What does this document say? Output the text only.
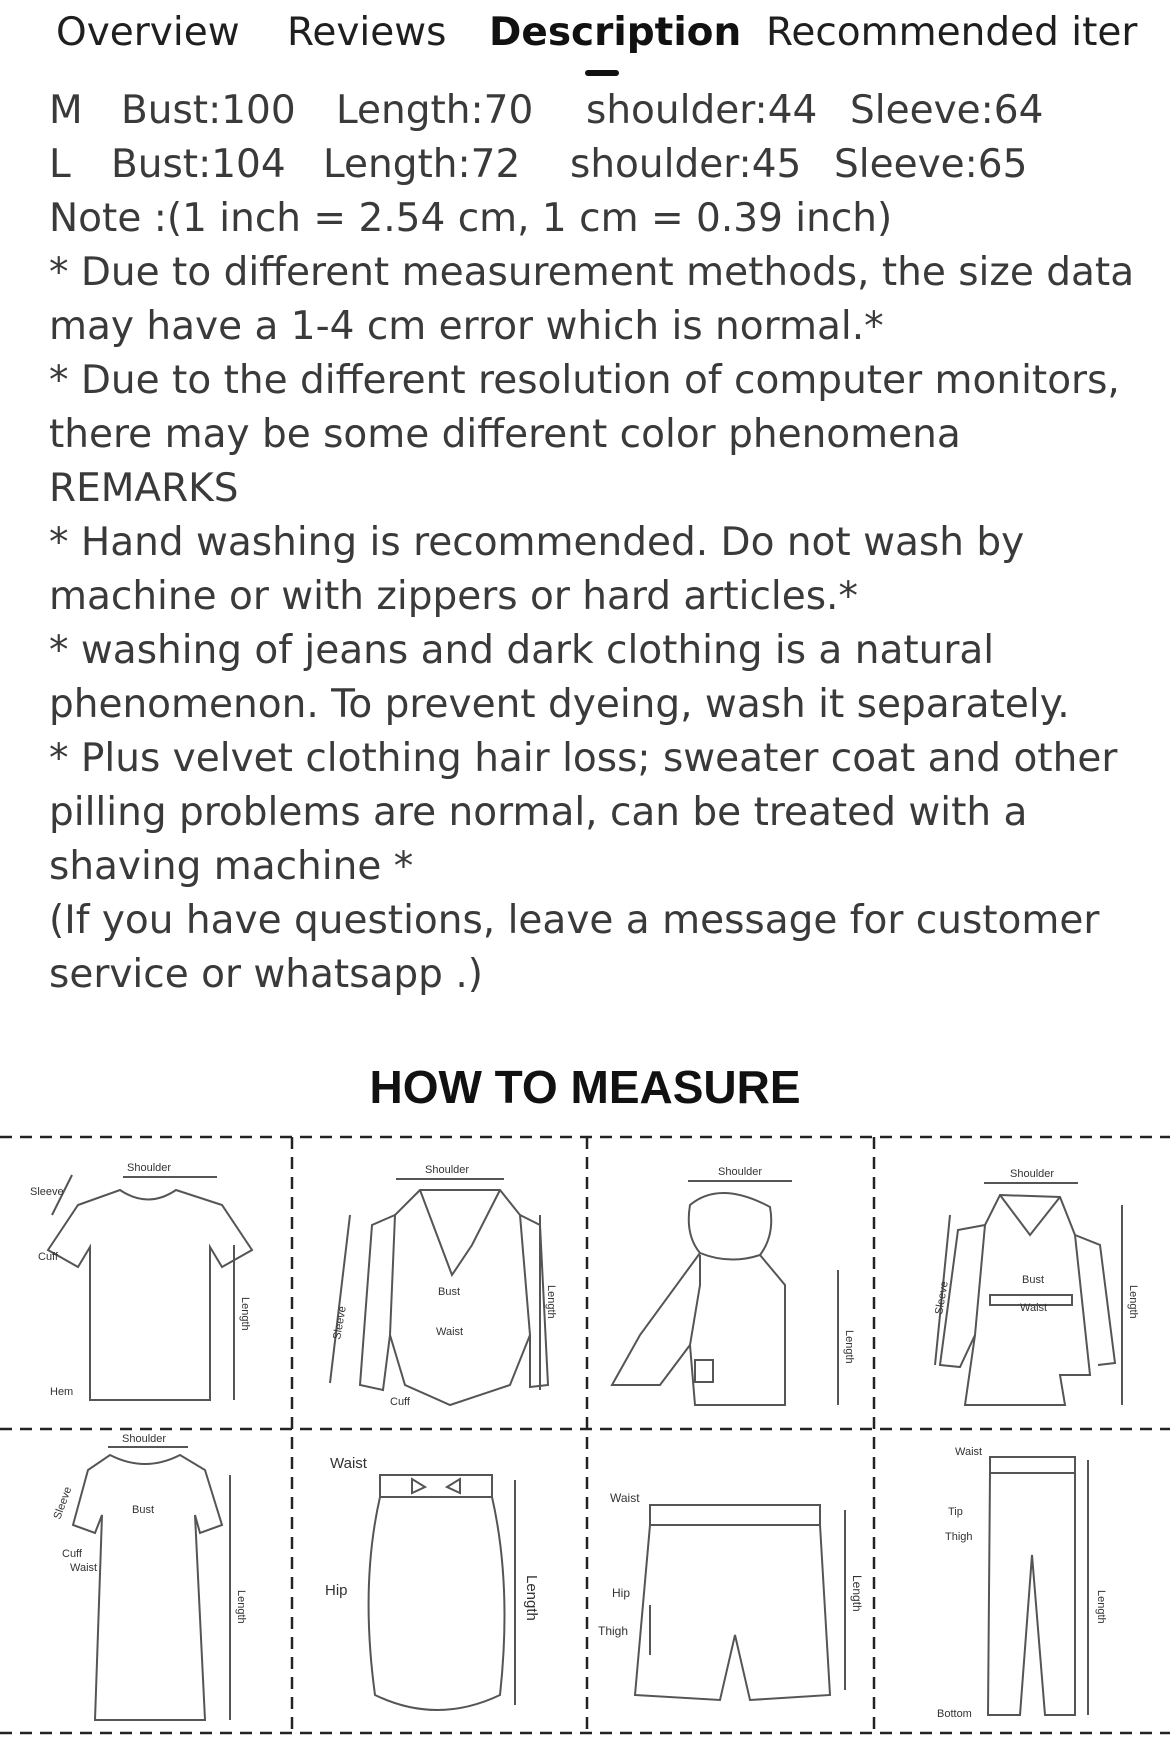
Overview Reviews Description Recommended iter
M Bust:100	Length:70	shoulder:44 Sleeve:64
L	Bust:104 Length:72	shoulder:45 Sleeve:65
Note :(1 inch = 2.54 cm, 1 cm = 0.39 inch)
* Due to different measurement methods, the size data
may have a 1-4 cm error which is normal.*
* Due to the different resolution of computer monitors,
there may be some different color phenomena
REMARKS
* Hand washing is recommended. Do not wash by
machine or with zippers or hard articles.*
* washing of jeans and dark clothing is a natural
phenomenon. To prevent dyeing, wash it separately.
* Plus velvet clothing hair loss; sweater coat and other
pilling problems are normal, can be treated with a
shaving machine *
(If you have questions, leave a message for customer
service or whatsapp .)
HOW TO MEASURE
Shoulder
Sleeve
Cuff
Length
Hem
Shoulder
Sleeve
Bust
Waist
Cuff
Length
Shoulder
Length
Shoulder
Sleeve
Bust
Waist	Length
Shoulder
Sleeve	Bust
Cuff
Waist
Length
Waist
Hip	Length
Waist
Hip
Thigh
Length
Waist
Tip
Thigh
Bottom
Length
